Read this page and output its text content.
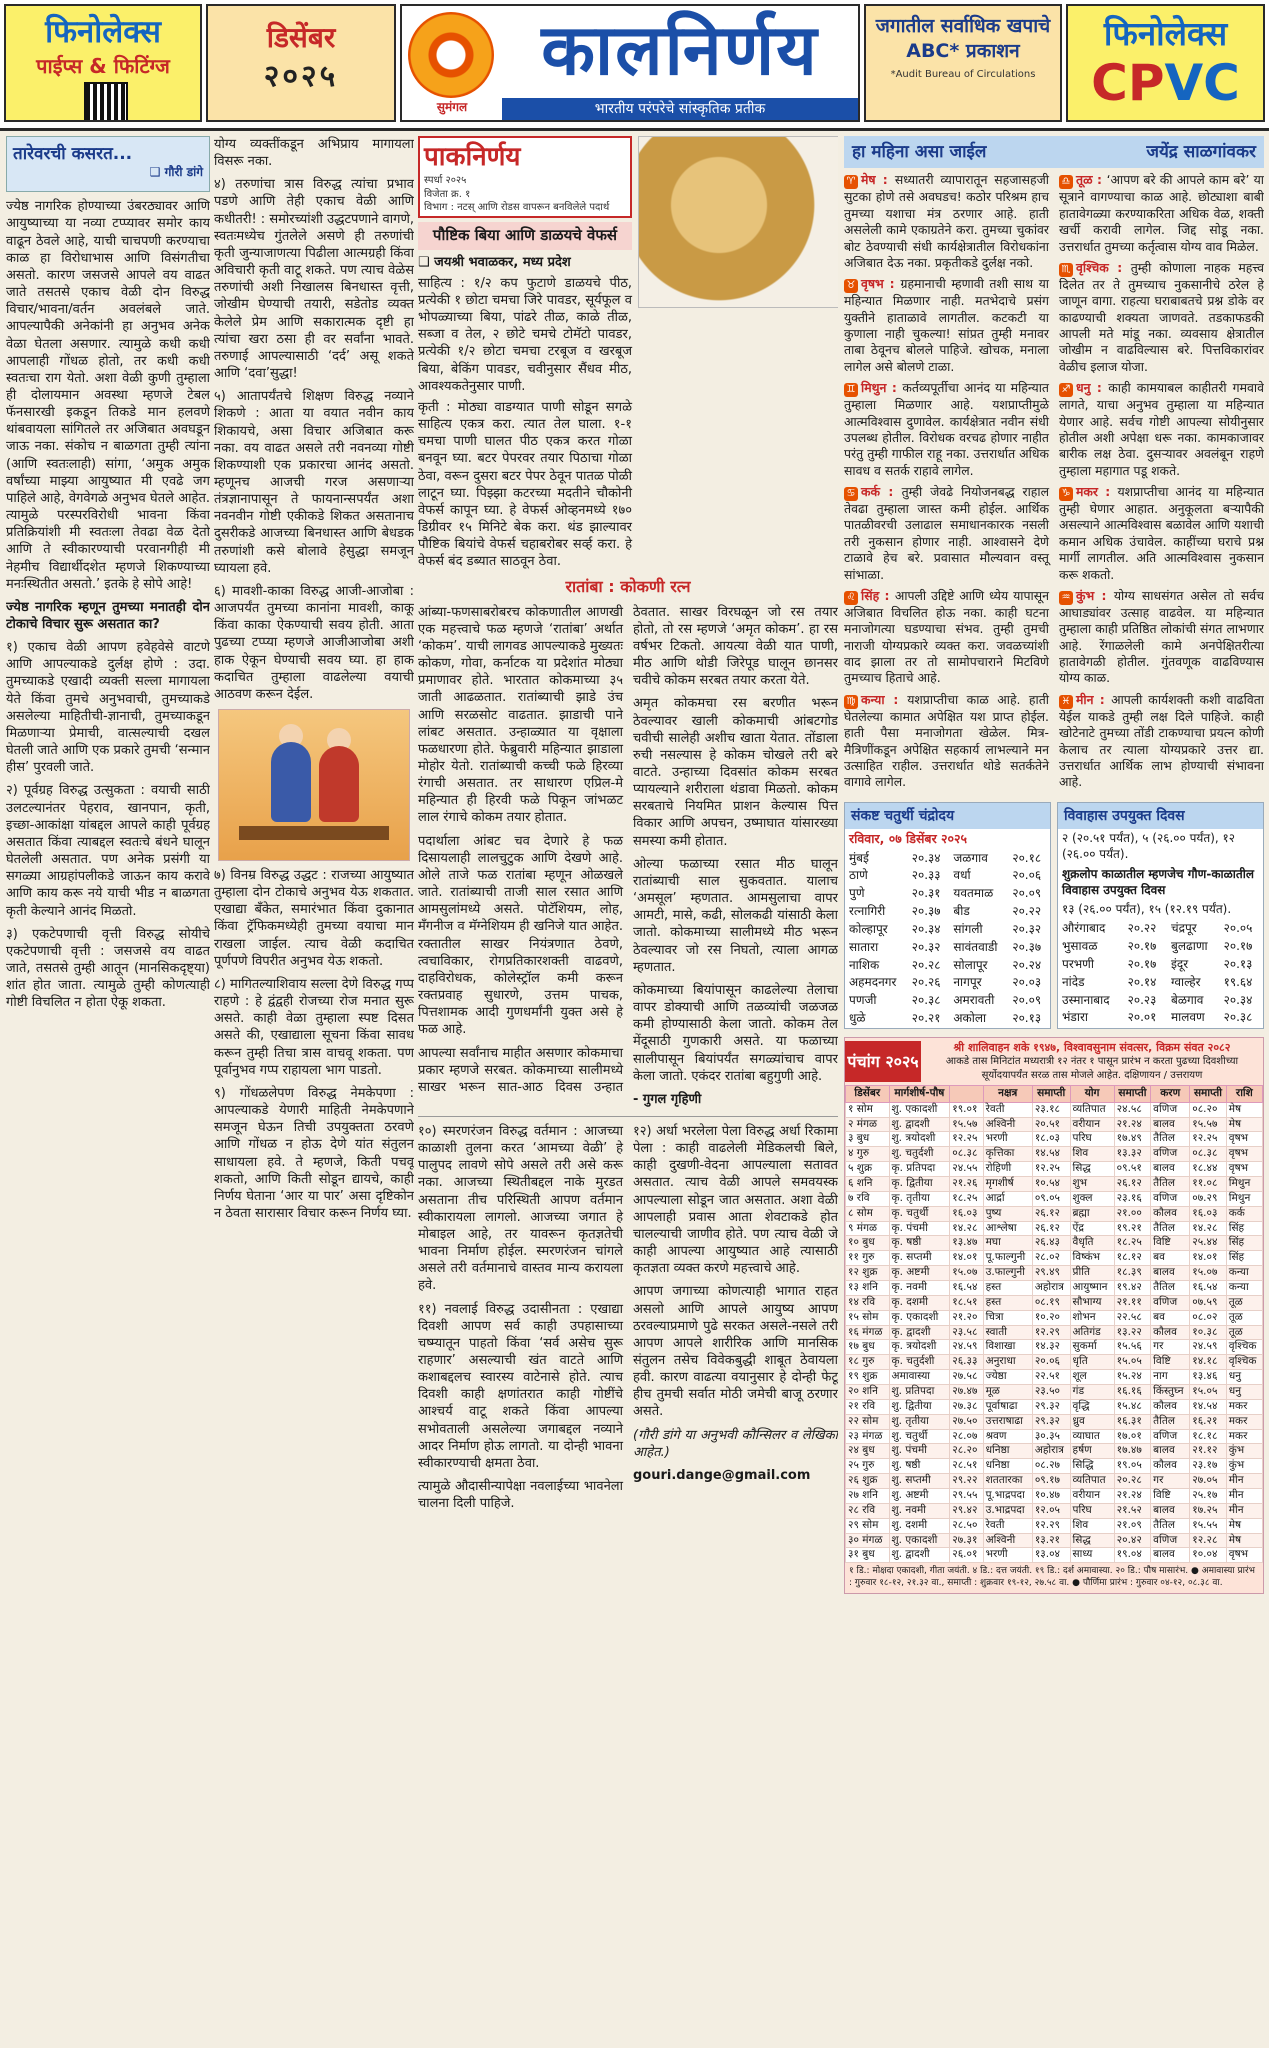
फिनोलेक्स
पाईप्स & फिटिंग्ज
डिसेंबर
२०२५
सुमंगल
कालनिर्णय
भारतीय परंपरेचे सांस्कृतिक प्रतीक
जगातील सर्वाधिक खपाचे ABC* प्रकाशन
*Audit Bureau of Circulations
फिनोलेक्स
CPVC
तारेवरची कसरत...
❑ गौरी डांगे

ज्येष्ठ नागरिक होण्याच्या उंबरठ्यावर आणि आयुष्याच्या या नव्या टप्प्यावर समोर काय वाढून ठेवले आहे, याची चाचपणी करण्याचा काळ हा विरोधाभास आणि विसंगतीचा असतो. कारण जसजसे आपले वय वाढत जाते तसतसे एकाच वेळी दोन विरुद्ध विचार/भावना/वर्तन अवलंबले जाते. आपल्यापैकी अनेकांनी हा अनुभव अनेक वेळा घेतला असणार. त्यामुळे कधी कधी आपलाही गोंधळ होतो, तर कधी कधी स्वतःचा राग येतो. अशा वेळी कुणी तुम्हाला ही दोलायमान अवस्था म्हणजे टेबल फॅनसारखी इकडून तिकडे मान हलवणे थांबवायला सांगितले तर अजिबात अवघडून जाऊ नका. संकोच न बाळगता तुम्ही त्यांना (आणि स्वतःलाही) सांगा, ‘अमुक अमुक वर्षांच्या माझ्या आयुष्यात मी एवढे जग पाहिले आहे, वेगवेगळे अनुभव घेतले आहेत. त्यामुळे परस्परविरोधी भावना किंवा प्रतिक्रियांशी मी स्वतःला तेवढा वेळ देतो आणि ते स्वीकारण्याची परवानगीही मी नेहमीच विद्यार्थीदशेत म्हणजे शिकण्याच्या मनःस्थितीत असतो.’ इतके हे सोपे आहे!

ज्येष्ठ नागरिक म्हणून तुमच्या मनातही दोन टोकाचे विचार सुरू असतात का?

१) एकाच वेळी आपण हवेहवेसे वाटणे आणि आपल्याकडे दुर्लक्ष होणे : उदा. तुमच्याकडे एखादी व्यक्ती सल्ला मागायला येते किंवा तुमचे अनुभवाची, तुमच्याकडे असलेल्या माहितीची-ज्ञानाची, तुमच्याकडून मिळणाऱ्या प्रेमाची, वात्सल्याची दखल घेतली जाते आणि एक प्रकारे तुमची ‘सन्मान हीस’ पुरवली जाते.

२) पूर्वग्रह विरुद्ध उत्सुकता : वयाची साठी उलटल्यानंतर पेहराव, खानपान, कृती, इच्छा-आकांक्षा यांबद्दल आपले काही पूर्वग्रह असतात किंवा त्याबद्दल स्वतःचे बंधने घालून घेतलेली असतात. पण अनेक प्रसंगी या सगळ्या आग्रहांपलीकडे जाऊन काय करावे आणि काय करू नये याची भीड न बाळगता कृती केल्याने आनंद मिळतो.

३) एकटेपणाची वृत्ती विरुद्ध सोयीचे एकटेपणाची वृत्ती : जसजसे वय वाढत जाते, तसतसे तुम्ही आतून (मानसिकदृष्ट्या) शांत होत जाता. त्यामुळे तुम्ही कोणत्याही गोष्टी विचलित न होता ऐकू शकता.

योग्य व्यक्तींकडून अभिप्राय मागायला विसरू नका.

४) तरुणांचा त्रास विरुद्ध त्यांचा प्रभाव पडणे आणि तेही एकाच वेळी आणि कधीतरी! : समोरच्यांशी उद्धटपणाने वागणे, स्वतःमध्येच गुंतलेले असणे ही तरुणांची कृती जुन्याजाणत्या पिढीला आत्मग्रही किंवा अविचारी कृती वाटू शकते. पण त्याच वेळेस तरुणांची अशी निखालस बिनधास्त वृत्ती, जोखीम घेण्याची तयारी, सडेतोड व्यक्त केलेले प्रेम आणि सकारात्मक दृष्टी हा त्यांचा खरा ठसा ही वर सर्वांना भावते. तरुणाई आपल्यासाठी ‘दर्द’ असू शकते आणि ‘दवा’सुद्धा!

५) आतापर्यंतचे शिक्षण विरुद्ध नव्याने शिकणे : आता या वयात नवीन काय शिकायचे, असा विचार अजिबात करू नका. वय वाढत असले तरी नवनव्या गोष्टी शिकण्याशी एक प्रकारचा आनंद असतो. म्हणूनच आजची गरज असणाऱ्या तंत्रज्ञानापासून ते फायनान्सपर्यंत अशा नवनवीन गोष्टी एकीकडे शिकत असतानाच दुसरीकडे आजच्या बिनधास्त आणि बेधडक तरुणांशी कसे बोलावे हेसुद्धा समजून घ्यायला हवे.

६) मावशी-काका विरुद्ध आजी-आजोबा : आजपर्यंत तुमच्या कानांना मावशी, काकू किंवा काका ऐकण्याची सवय होती. आता पुढच्या टप्प्या म्हणजे आजीआजोबा अशी हाक ऐकून घेण्याची सवय घ्या. हा हाक कदाचित तुम्हाला वाढलेल्या वयाची आठवण करून देईल.

७) विनम्र विरुद्ध उद्धट : राजच्या आयुष्यात तुम्हाला दोन टोकाचे अनुभव येऊ शकतात. एखाद्या बँकेत, समारंभात किंवा दुकानात किंवा ट्रॅफिकमध्येही तुमच्या वयाचा मान राखला जाईल. त्याच वेळी कदाचित पूर्णपणे विपरीत अनुभव येऊ शकतो.

८) मागितल्याशिवाय सल्ला देणे विरुद्ध गप्प राहणे : हे द्वंद्वही रोजच्या रोज मनात सुरू असते. काही वेळा तुम्हाला स्पष्ट दिसत असते की, एखाद्याला सूचना किंवा सावध करून तुम्ही तिचा त्रास वाचवू शकता. पण पूर्वानुभव गप्प राहायला भाग पाडतो.

९) गोंधळलेपण विरुद्ध नेमकेपणा : आपल्याकडे येणारी माहिती नेमकेपणाने समजून घेऊन तिची उपयुक्तता ठरवणे आणि गोंधळ न होऊ देणे यांत संतुलन साधायला हवे. ते म्हणजे, किती पचवू शकतो, आणि किती सोडून द्यायचे, काही निर्णय घेताना ‘आर या पार’ असा दृष्टिकोन न ठेवता सारासार विचार करून निर्णय घ्या.

पाकनिर्णय
स्पर्धा २०२५
विजेता क्र. १
विभाग : नटस् आणि रोडस वापरून बनविलेले पदार्थ
पौष्टिक बिया आणि डाळयचे वेफर्स

❑ जयश्री भवाळकर, मध्य प्रदेश

साहित्य : १/२ कप फुटाणे डाळयचे पीठ, प्रत्येकी १ छोटा चमचा जिरे पावडर, सूर्यफूल व भोपळ्याच्या बिया, पांढरे तीळ, काळे तीळ, सब्जा व तेल, २ छोटे चमचे टोमॅटो पावडर, प्रत्येकी १/२ छोटा चमचा टरबूज व खरबूज बिया, बेकिंग पावडर, चवीनुसार सैंधव मीठ, आवश्यकतेनुसार पाणी.

कृती : मोठ्या वाडग्यात पाणी सोडून सगळे साहित्य एकत्र करा. त्यात तेल घाला. १-१ चमचा पाणी घालत पीठ एकत्र करत गोळा बनवून घ्या. बटर पेपरवर तयार पिठाचा गोळा ठेवा, वरून दुसरा बटर पेपर ठेवून पातळ पोळी लाटून घ्या. पिझ्झा कटरच्या मदतीने चौकोनी वेफर्स कापून घ्या. हे वेफर्स ओव्हनमध्ये १७० डिग्रीवर १५ मिनिटे बेक करा. थंड झाल्यावर पौष्टिक बियांचे वेफर्स चहाबरोबर सर्व्ह करा. हे वेफर्स बंद डब्यात साठवून ठेवा.

रातांबा : कोकणी रत्न

आंब्या-फणसाबरोबरच कोकणातील आणखी एक महत्त्वाचे फळ म्हणजे ‘रातांबा’ अर्थात ‘कोकम’. याची लागवड आपल्याकडे मुख्यतः कोकण, गोवा, कर्नाटक या प्रदेशांत मोठ्या प्रमाणावर होते. भारतात कोकमाच्या ३५ जाती आढळतात. रातांब्याची झाडे उंच आणि सरळसोट वाढतात. झाडाची पाने लांबट असतात. उन्हाळ्यात या वृक्षाला फळधारणा होते. फेब्रुवारी महिन्यात झाडाला मोहोर येतो. रातांब्याची कच्ची फळे हिरव्या रंगाची असतात. तर साधारण एप्रिल-मे महिन्यात ही हिरवी फळे पिकून जांभळट लाल रंगाचे कोकम तयार होतात.

पदार्थाला आंबट चव देणारे हे फळ दिसायलाही लालचुटुक आणि देखणे आहे. ओले ताजे फळ रातांबा म्हणून ओळखले जाते. रातांब्याची ताजी साल रसात आणि आमसुलांमध्ये असते. पोटॅशियम, लोह, मँगनीज व मॅग्नेशियम ही खनिजे यात आहेत. रक्तातील साखर नियंत्रणात ठेवणे, त्वचाविकार, रोगप्रतिकारशक्ती वाढवणे, दाहविरोधक, कोलेस्ट्रॉल कमी करून रक्तप्रवाह सुधारणे, उत्तम पाचक, पित्तशामक आदी गुणधर्मांनी युक्त असे हे फळ आहे.

आपल्या सर्वांनाच माहीत असणार कोकमाचा प्रकार म्हणजे सरबत. कोकमाच्या सालीमध्ये साखर भरून सात-आठ दिवस उन्हात ठेवतात. साखर विरघळून जो रस तयार होतो, तो रस म्हणजे ‘अमृत कोकम’. हा रस वर्षभर टिकतो. आयत्या वेळी यात पाणी, मीठ आणि थोडी जिरेपूड घालून छानसर चवीचे कोकम सरबत तयार करता येते.

अमृत कोकमचा रस बरणीत भरून ठेवल्यावर खाली कोकमाची आंबटगोड चवीची सालेही अशीच खाता येतात. तोंडाला रुची नसल्यास हे कोकम चोखले तरी बरे वाटते. उन्हाच्या दिवसांत कोकम सरबत प्यायल्याने शरीराला थंडावा मिळतो. कोकम सरबताचे नियमित प्राशन केल्यास पित्त विकार आणि अपचन, उष्माघात यांसारख्या समस्या कमी होतात.

ओल्या फळाच्या रसात मीठ घालून रातांब्याची साल सुकवतात. यालाच ‘अमसूल’ म्हणतात. आमसुलाचा वापर आमटी, मासे, कढी, सोलकढी यांसाठी केला जातो. कोकमाच्या सालीमध्ये मीठ भरून ठेवल्यावर जो रस निघतो, त्याला आगळ म्हणतात.

कोकमाच्या बियांपासून काढलेल्या तेलाचा वापर डोक्याची आणि तळव्यांची जळजळ कमी होण्यासाठी केला जातो. कोकम तेल मेंदूसाठी गुणकारी असते. या फळाच्या सालीपासून बियांपर्यंत सगळ्यांचाच वापर केला जातो. एकंदर रातांबा बहुगुणी आहे.

- गुगल गृहिणी

१०) स्मरणरंजन विरुद्ध वर्तमान : आजच्या काळाशी तुलना करत ‘आमच्या वेळी’ हे पालुपद लावणे सोपे असले तरी असे करू नका. आजच्या स्थितीबद्दल नाके मुरडत असताना तीच परिस्थिती आपण वर्तमान स्वीकारायला लागलो. आजच्या जगात हे मोबाइल आहे, तर यावरून कृतज्ञतेची भावना निर्माण होईल. स्मरणरंजन चांगले असले तरी वर्तमानाचे वास्तव मान्य करायला हवे.

११) नवलाई विरुद्ध उदासीनता : एखाद्या दिवशी आपण सर्व काही उपहासाच्या चष्म्यातून पाहतो किंवा ‘सर्व असेच सुरू राहणार’ असल्याची खंत वाटते आणि कशाबद्दलच स्वारस्य वाटेनासे होते. त्याच दिवशी काही क्षणांतरात काही गोष्टींचे आश्चर्य वाटू शकते किंवा आपल्या सभोवताली असलेल्या जगाबद्दल नव्याने आदर निर्माण होऊ लागतो. या दोन्ही भावना स्वीकारण्याची क्षमता ठेवा.

त्यामुळे औदासीन्यापेक्षा नवलाईच्या भावनेला चालना दिली पाहिजे.

१२) अर्धा भरलेला पेला विरुद्ध अर्धा रिकामा पेला : काही वाढलेली मेडिकलची बिले, काही दुखणी-वेदना आपल्याला सतावत असतात. त्याच वेळी आपले समवयस्क आपल्याला सोडून जात असतात. अशा वेळी आपलाही प्रवास आता शेवटाकडे होत चालल्याची जाणीव होते. पण त्याच वेळी जे काही आपल्या आयुष्यात आहे त्यासाठी कृतज्ञता व्यक्त करणे महत्त्वाचे आहे.

आपण जगाच्या कोणत्याही भागात राहत असलो आणि आपले आयुष्य आपण ठरवल्याप्रमाणे पुढे सरकत असले-नसले तरी आपण आपले शारीरिक आणि मानसिक संतुलन तसेच विवेकबुद्धी शाबूत ठेवायला हवी. कारण वाढत्या वयानुसार हे दोन्ही फेटू हीच तुमची सर्वात मोठी जमेची बाजू ठरणार असते.

(गौरी डांगे या अनुभवी कौन्सिलर व लेखिका आहेत.)

gouri.dange@gmail.com

हा महिना असा जाईल	जयेंद्र साळगांवकर

♈ मेष : सध्यातरी व्यापारातून सहजासहजी सुटका होणे तसे अवघडच! कठोर परिश्रम हाच तुमच्या यशाचा मंत्र ठरणार आहे. हाती असलेली कामे एकाग्रतेने करा. तुमच्या चुकांवर बोट ठेवण्याची संधी कार्यक्षेत्रातील विरोधकांना अजिबात देऊ नका. प्रकृतीकडे दुर्लक्ष नको.

♉ वृषभ : ग्रहमानाची म्हणावी तशी साथ या महिन्यात मिळणार नाही. मतभेदाचे प्रसंग युक्तीने हाताळावे लागतील. कटकटी या कुणाला नाही चुकल्या! सांप्रत तुम्ही मनावर ताबा ठेवूनच बोलले पाहिजे. खोचक, मनाला लागेल असे बोलणे टाळा.

♊ मिथुन : कर्तव्यपूर्तीचा आनंद या महिन्यात तुम्हाला मिळणार आहे. यशप्राप्तीमुळे आत्मविश्वास दुणावेल. कार्यक्षेत्रात नवीन संधी उपलब्ध होतील. विरोधक वरचढ होणार नाहीत परंतु तुम्ही गाफील राहू नका. उत्तरार्धात अधिक सावध व सतर्क राहावे लागेल.

♋ कर्क : तुम्ही जेवढे नियोजनबद्ध राहाल तेवढा तुम्हाला जास्त कमी होईल. आर्थिक पातळीवरची उलाढाल समाधानकारक नसली तरी नुकसान होणार नाही. आश्वासने देणे टाळावे हेच बरे. प्रवासात मौल्यवान वस्तू सांभाळा.

♌ सिंह : आपली उद्दिष्टे आणि ध्येय यापासून अजिबात विचलित होऊ नका. काही घटना मनाजोगत्या घडण्याचा संभव. तुम्ही तुमची नाराजी योग्यप्रकारे व्यक्त करा. जवळच्यांशी वाद झाला तर तो सामोपचाराने मिटविणे तुमच्याच हिताचे आहे.

♍ कन्या : यशप्राप्तीचा काळ आहे. हाती घेतलेल्या कामात अपेक्षित यश प्राप्त होईल. हाती पैसा मनाजोगता खेळेल. मित्र-मैत्रिणींकडून अपेक्षित सहकार्य लाभल्याने मन उत्साहित राहील. उत्तरार्धात थोडे सतर्कतेने वागावे लागेल.

♎ तूळ : ‘आपण बरे की आपले काम बरे’ या सूत्राने वागण्याचा काळ आहे. छोट्याशा बाबी हातावेगळ्या करण्याकरिता अधिक वेळ, शक्ती खर्ची करावी लागेल. जिद्द सोडू नका. उत्तरार्धात तुमच्या कर्तृत्वास योग्य वाव मिळेल.

♏ वृश्चिक : तुम्ही कोणाला नाहक महत्त्व दिलेत तर ते तुमच्याच नुकसानीचे ठरेल हे जाणून वागा. राहत्या घराबाबतचे प्रश्न डोके वर काढण्याची शक्यता जाणवते. तडकाफडकी आपली मते मांडू नका. व्यवसाय क्षेत्रातील जोखीम न वाढविल्यास बरे. पित्तविकारांवर वेळीच इलाज योजा.

♐ धनु : काही कामयाबल काहीतरी गमवावे लागते, याचा अनुभव तुम्हाला या महिन्यात येणार आहे. सर्वच गोष्टी आपल्या सोयीनुसार होतील अशी अपेक्षा धरू नका. कामकाजावर बारीक लक्ष ठेवा. दुसऱ्यावर अवलंबून राहणे तुम्हाला महागात पडू शकते.

♑ मकर : यशप्राप्तीचा आनंद या महिन्यात तुम्ही घेणार आहात. अनुकूलता बऱ्यापैकी असल्याने आत्मविश्वास बळावेल आणि यशाची कमान अधिक उंचावेल. काहींच्या घराचे प्रश्न मार्गी लागतील. अति आत्मविश्वास नुकसान करू शकतो.

♒ कुंभ : योग्य साधसंगत असेल तो सर्वच आघाड्यांवर उत्साह वाढवेल. या महिन्यात तुम्हाला काही प्रतिष्ठित लोकांची संगत लाभणार आहे. रेंगाळलेली कामे अनपेक्षितरीत्या हातावेगळी होतील. गुंतवणूक वाढविण्यास योग्य काळ.

♓ मीन : आपली कार्यशक्ती कशी वाढविता येईल याकडे तुम्ही लक्ष दिले पाहिजे. काही खोटेनाटे तुमच्या तोंडी टाकण्याचा प्रयत्न कोणी केलाच तर त्याला योग्यप्रकारे उत्तर द्या. उत्तरार्धात आर्थिक लाभ होण्याची संभावना आहे.

संकष्ट चतुर्थी चंद्रोदय
रविवार, ०७ डिसेंबर २०२५
मुंबई	२०.३४	जळगाव	२०.१८
ठाणे	२०.३३	वर्धा	२०.०६
पुणे	२०.३१	यवतमाळ	२०.०९
रत्नागिरी	२०.३७	बीड	२०.२२
कोल्हापूर	२०.३४	सांगली	२०.३२
सातारा	२०.३२	सावंतवाडी	२०.३७
नाशिक	२०.२८	सोलापूर	२०.२४
अहमदनगर	२०.२६	नागपूर	२०.०३
पणजी	२०.३८	अमरावती	२०.०९
धुळे	२०.२१	अकोला	२०.१३
विवाहास उपयुक्त दिवस
२ (२०.५१ पर्यंत), ५ (२६.०० पर्यंत), १२ (२६.०० पर्यंत).
शुक्रलोप काळातील म्हणजेच गौण-काळातील विवाहास उपयुक्त दिवस
१३ (२६.०० पर्यंत), १५ (१२.१९ पर्यंत).
औरंगाबाद	२०.२२	चंद्रपूर	२०.०५
भुसावळ	२०.१७	बुलढाणा	२०.१७
परभणी	२०.१७	इंदूर	२०.१३
नांदेड	२०.१४	ग्वाल्हेर	१९.६४
उस्मानाबाद	२०.२३	बेळगाव	२०.३४
भंडारा	२०.०१	मालवण	२०.३८
पंचांग २०२५
श्री शालिवाहन शके १९४७, विश्वावसुनाम संवत्सर, विक्रम संवत २०८२
आकडे तास मिनिटांत मध्यरात्री १२ नंतर १ पासून प्रारंभ न करता पुढच्या दिवशीच्या सूर्योदयापर्यंत सरळ तास मोजले आहेत. दक्षिणायन / उत्तरायण
डिसेंबर	मार्गशीर्ष-पौष		नक्षत्र	समाप्ती	योग	समाप्ती	करण	समाप्ती	राशि
१ सोम	शु. एकादशी	१९.०१	रेवती	२३.१८	व्यतिपात	२४.५८	वणिज	०८.२०	मेष
२ मंगळ	शु. द्वादशी	१५.५७	अश्विनी	२०.५१	वरीयान	२१.२४	बालव	१५.५७	मेष
३ बुध	शु. त्रयोदशी	१२.२५	भरणी	१८.०३	परिघ	१७.४९	तैतिल	१२.२५	वृषभ
४ गुरु	शु. चतुर्दशी	०८.३८	कृत्तिका	१४.५४	शिव	१३.३२	वणिज	०८.३८	वृषभ
५ शुक्र	कृ. प्रतिपदा	२४.५५	रोहिणी	१२.२५	सिद्ध	०९.५१	बालव	१८.४४	वृषभ
६ शनि	कृ. द्वितीया	२१.२६	मृगशीर्ष	१०.५४	शुभ	२६.१२	तैतिल	११.०८	मिथुन
७ रवि	कृ. तृतीया	१८.२५	आर्द्रा	०९.०५	शुक्ल	२३.१६	वणिज	०७.२९	मिथुन
८ सोम	कृ. चतुर्थी	१६.०३	पुष्य	२६.१२	ब्रह्मा	२१.००	कौलव	१६.०३	कर्क
९ मंगळ	कृ. पंचमी	१४.२८	आश्लेषा	२६.१२	ऐंद्र	१९.२१	तैतिल	१४.२८	सिंह
१० बुध	कृ. षष्ठी	१३.४७	मघा	२६.४३	वैधृति	१८.२५	विष्टि	२५.४४	सिंह
११ गुरु	कृ. सप्तमी	१४.०१	पू.फाल्गुनी	२८.०२	विष्कंभ	१८.१२	बव	१४.०१	सिंह
१२ शुक्र	कृ. अष्टमी	१५.०७	उ.फाल्गुनी	२९.४९	प्रीति	१८.३९	बालव	१५.०७	कन्या
१३ शनि	कृ. नवमी	१६.५४	हस्त	अहोरात्र	आयुष्मान	१९.४२	तैतिल	१६.५४	कन्या
१४ रवि	कृ. दशमी	१८.५१	हस्त	०८.१९	सौभाग्य	२१.११	वणिज	०७.५९	तूळ
१५ सोम	कृ. एकादशी	२१.२०	चित्रा	१०.२०	शोभन	२२.५८	बव	०८.०२	तूळ
१६ मंगळ	कृ. द्वादशी	२३.५८	स्वाती	१२.२९	अतिगंड	१३.२२	कौलव	१०.३८	तूळ
१७ बुध	कृ. त्रयोदशी	२४.५९	विशाखा	१४.३२	सुकर्मा	१५.५६	गर	२४.५९	वृश्चिक
१८ गुरु	कृ. चतुर्दशी	२६.३३	अनुराधा	२०.०६	धृति	१५.०५	विष्टि	१४.१८	वृश्चिक
१९ शुक्र	अमावास्या	२७.५८	ज्येष्ठा	२२.५१	शूल	१५.२४	नाग	१३.४६	धनु
२० शनि	शु. प्रतिपदा	२७.४७	मूळ	२३.५०	गंड	१६.१६	किंस्तुघ्न	१५.०५	धनु
२१ रवि	शु. द्वितीया	२७.३८	पूर्वाषाढा	२९.३२	वृद्धि	१५.४८	कौलव	१४.५४	मकर
२२ सोम	शु. तृतीया	२७.५०	उत्तराषाढा	२९.३२	ध्रुव	१६.३१	तैतिल	१६.२१	मकर
२३ मंगळ	शु. चतुर्थी	२८.०७	श्रवण	३०.३५	व्याघात	१७.०१	वणिज	१८.१८	मकर
२४ बुध	शु. पंचमी	२८.२०	धनिष्ठा	अहोरात्र	हर्षण	१७.४७	बालव	२१.१२	कुंभ
२५ गुरु	शु. षष्ठी	२८.५१	धनिष्ठा	०८.२७	सिद्धि	१९.०५	कौलव	२३.१७	कुंभ
२६ शुक्र	शु. सप्तमी	२९.२२	शततारका	०९.१७	व्यतिपात	२०.२८	गर	२७.०५	मीन
२७ शनि	शु. अष्टमी	२९.५५	पू.भाद्रपदा	१०.४७	वरीयान	२१.२४	विष्टि	२५.१७	मीन
२८ रवि	शु. नवमी	२९.४२	उ.भाद्रपदा	१२.०५	परिघ	२१.५२	बालव	१७.२५	मीन
२९ सोम	शु. दशमी	२८.५०	रेवती	१२.२९	शिव	२१.०९	तैतिल	१५.५५	मेष
३० मंगळ	शु. एकादशी	२७.३१	अश्विनी	१३.२१	सिद्ध	२०.४२	वणिज	१२.२८	मेष
३१ बुध	शु. द्वादशी	२६.०१	भरणी	१३.०४	साध्य	१९.०४	बालव	१०.०४	वृषभ
१ डि.: मोक्षदा एकादशी, गीता जयंती. ४ डि.: दत्त जयंती. १९ डि.: दर्श अमावास्या. २० डि.: पौष मासारंभ. ● अमावास्या प्रारंभ : गुरुवार १८-१२, २१.३२ वा., समाप्ती : शुक्रवार १९-१२, २७.५८ वा. ● पौर्णिमा प्रारंभ : गुरुवार ०४-१२, ०८.३८ वा.
